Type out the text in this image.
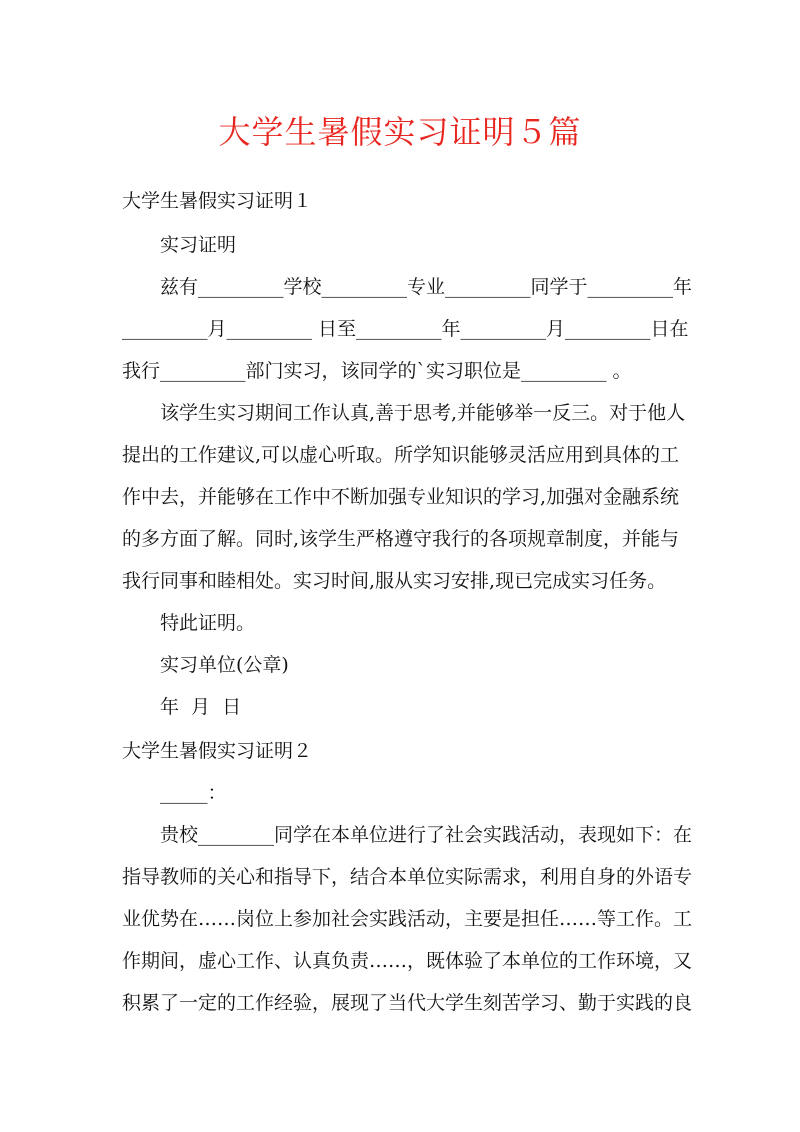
大学生暑假实习证明５篇
大学生暑假实习证明１
实习证明
兹有_________学校_________专业_________同学于_________年
_________月_________ 日至_________年_________月_________日在
我行_________部门实习，该同学的`实习职位是_________ 。
该学生实习期间工作认真,善于思考,并能够举一反三。对于他人
提出的工作建议,可以虚心听取。所学知识能够灵活应用到具体的工
作中去，并能够在工作中不断加强专业知识的学习,加强对金融系统
的多方面了解。同时,该学生严格遵守我行的各项规章制度，并能与
我行同事和睦相处。实习时间,服从实习安排,现已完成实习任务。
特此证明。
实习单位(公章)
年 月 日
大学生暑假实习证明２
_____：
贵校________同学在本单位进行了社会实践活动，表现如下：在
指导教师的关心和指导下，结合本单位实际需求，利用自身的外语专
业优势在……岗位上参加社会实践活动，主要是担任……等工作。工
作期间，虚心工作、认真负责……，既体验了本单位的工作环境，又
积累了一定的工作经验，展现了当代大学生刻苦学习、勤于实践的良
